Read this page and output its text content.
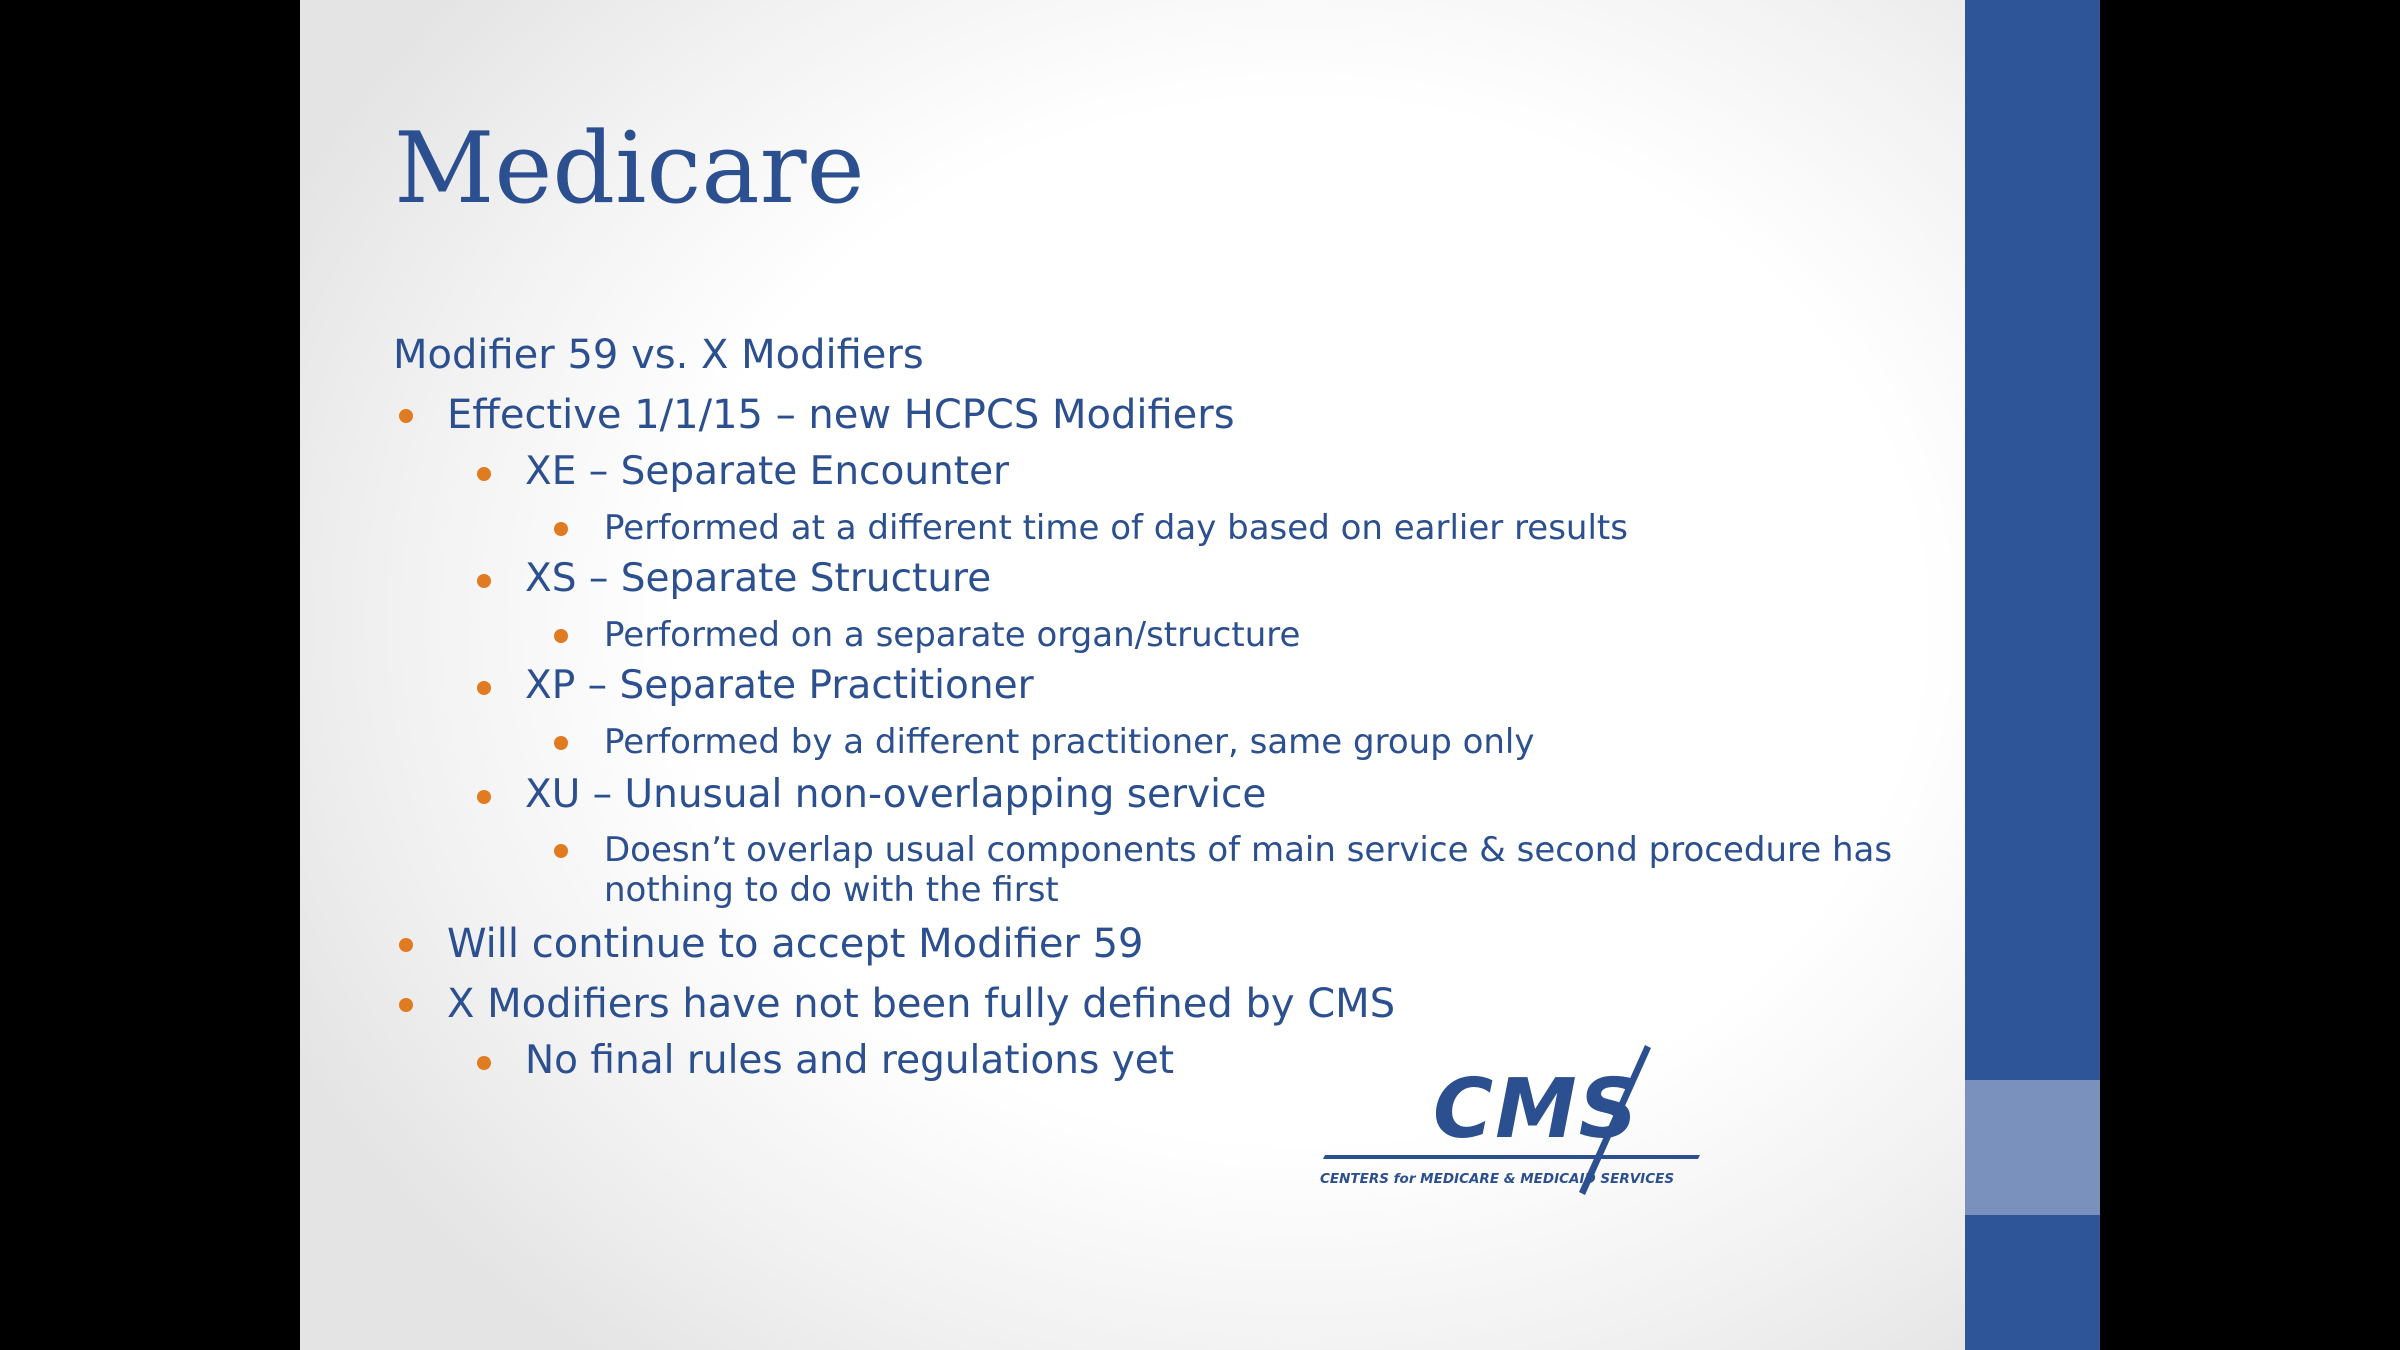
Medicare

Modifier 59 vs. X Modifiers

Effective 1/1/15 – new HCPCS Modifiers

XE – Separate Encounter

Performed at a different time of day based on earlier results

XS – Separate Structure

Performed on a separate organ/structure

XP – Separate Practitioner

Performed by a different practitioner, same group only

XU – Unusual non-overlapping service

Doesn’t overlap usual components of main service & second procedure has

nothing to do with the first

Will continue to accept Modifier 59

X Modifiers have not been fully defined by CMS

No final rules and regulations yet

CMS
CENTERS for MEDICARE & MEDICAID SERVICES
